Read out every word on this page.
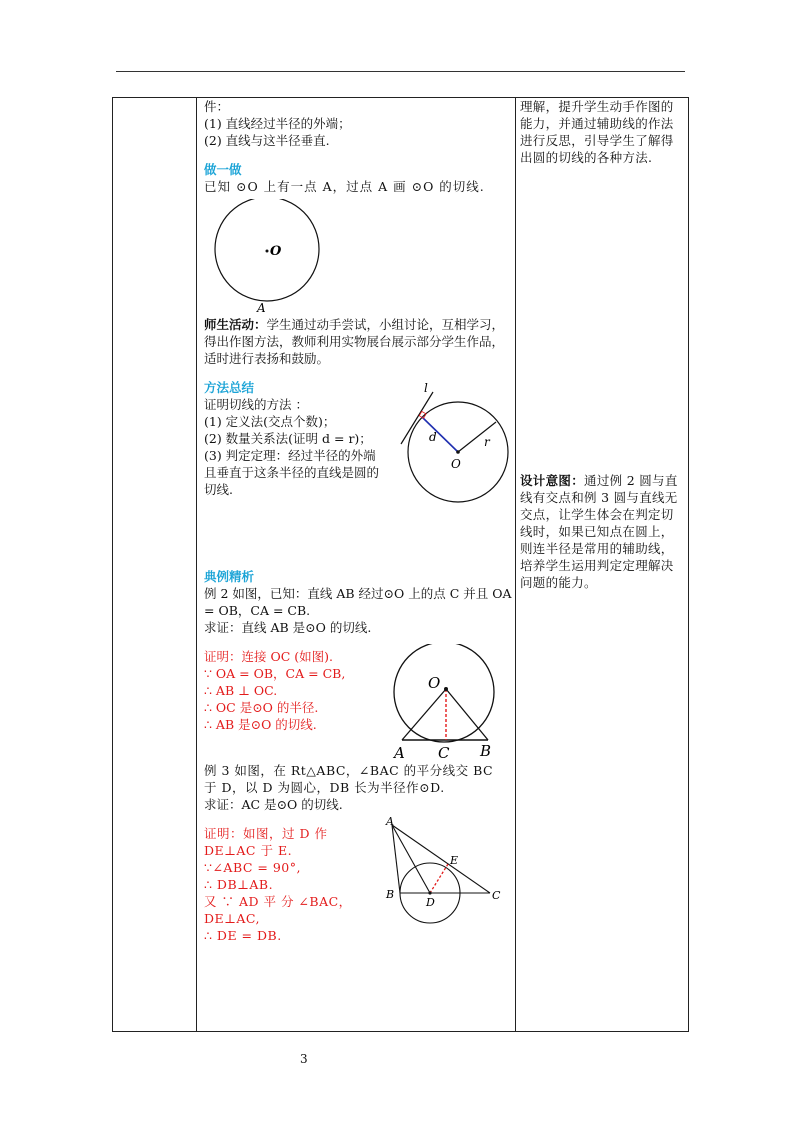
件：

(1) 直线经过半径的外端；

(2) 直线与这半径垂直.

做一做

已知 ⊙O 上有一点 A，过点 A 画 ⊙O 的切线.

O
A

师生活动：学生通过动手尝试，小组讨论，互相学习，得出作图方法，教师利用实物展台展示部分学生作品，适时进行表扬和鼓励。

方法总结

证明切线的方法 ：

(1) 定义法(交点个数)；

(2) 数量关系法(证明 d = r)；

(3) 判定定理：经过半径的外端且垂直于这条半径的直线是圆的切线.

l
d	r
O

典例精析

例 2 如图，已知：直线 AB 经过⊙O 上的点 C 并且 OA = OB，CA = CB.

求证：直线 AB 是⊙O 的切线.

证明：连接 OC (如图).

∵ OA = OB，CA = CB,

∴ AB ⊥ OC.

∴ OC 是⊙O 的半径.

∴ AB 是⊙O 的切线.

O
A C B

例 3 如图，在 Rt△ABC，∠BAC 的平分线交 BC 于 D，以 D 为圆心，DB 长为半径作⊙D.

求证：AC 是⊙O 的切线.

证明：如图，过 D 作 DE⊥AC 于 E.

∵∠ABC = 90°,

∴ DB⊥AB.

又 ∵ AD 平 分 ∠BAC，DE⊥AC,

∴ DE = DB.

A
B	C
D
E

理解，提升学生动手作图的能力，并通过辅助线的作法进行反思，引导学生了解得出圆的切线的各种方法.

设计意图：通过例 2 圆与直线有交点和例 3 圆与直线无交点，让学生体会在判定切线时，如果已知点在圆上，则连半径是常用的辅助线，培养学生运用判定定理解决问题的能力。

3
